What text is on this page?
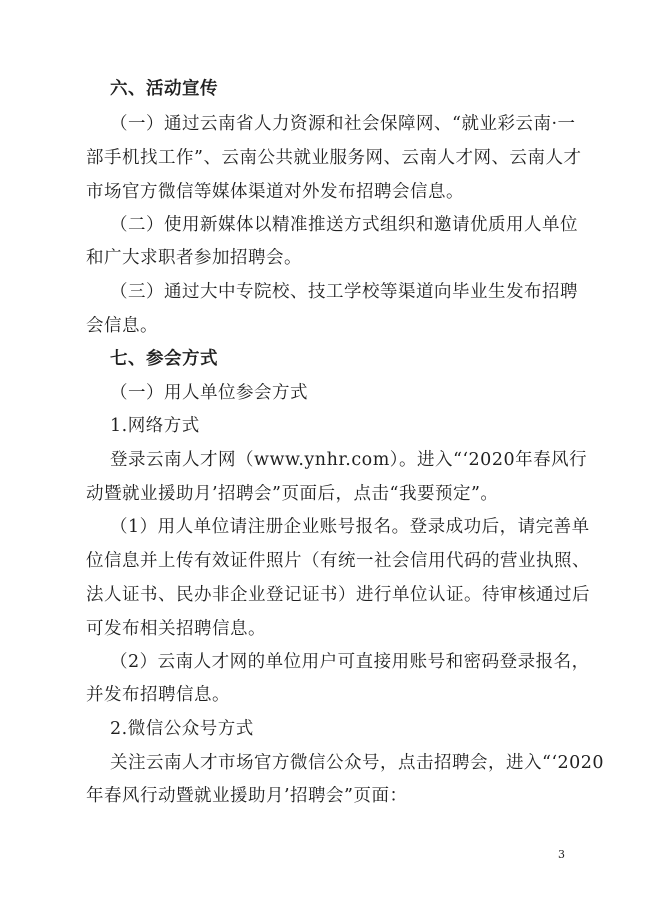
六、活动宣传
（一）通过云南省人力资源和社会保障网、“就业彩云南·一
部手机找工作”、云南公共就业服务网、云南人才网、云南人才
市场官方微信等媒体渠道对外发布招聘会信息。
（二）使用新媒体以精准推送方式组织和邀请优质用人单位
和广大求职者参加招聘会。
（三）通过大中专院校、技工学校等渠道向毕业生发布招聘
会信息。
七、参会方式
（一）用人单位参会方式
1.网络方式
登录云南人才网（www.ynhr.com）。进入“‘2020年春风行
动暨就业援助月’招聘会”页面后，点击“我要预定”。
（1）用人单位请注册企业账号报名。登录成功后，请完善单
位信息并上传有效证件照片（有统一社会信用代码的营业执照、
法人证书、民办非企业登记证书）进行单位认证。待审核通过后
可发布相关招聘信息。
（2）云南人才网的单位用户可直接用账号和密码登录报名，
并发布招聘信息。
2.微信公众号方式
关注云南人才市场官方微信公众号，点击招聘会，进入“‘2020
年春风行动暨就业援助月’招聘会”页面：
3
